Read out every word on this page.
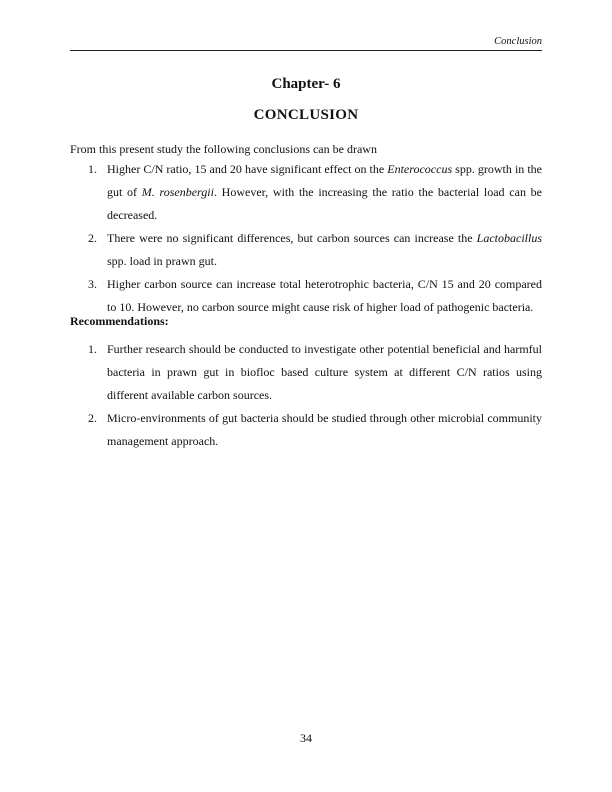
Conclusion
Chapter- 6
CONCLUSION
From this present study the following conclusions can be drawn
1. Higher C/N ratio, 15 and 20 have significant effect on the Enterococcus spp. growth in the gut of M. rosenbergii. However, with the increasing the ratio the bacterial load can be decreased.
2. There were no significant differences, but carbon sources can increase the Lactobacillus spp. load in prawn gut.
3. Higher carbon source can increase total heterotrophic bacteria, C/N 15 and 20 compared to 10. However, no carbon source might cause risk of higher load of pathogenic bacteria.
Recommendations:
1. Further research should be conducted to investigate other potential beneficial and harmful bacteria in prawn gut in biofloc based culture system at different C/N ratios using different available carbon sources.
2. Micro-environments of gut bacteria should be studied through other microbial community management approach.
34
